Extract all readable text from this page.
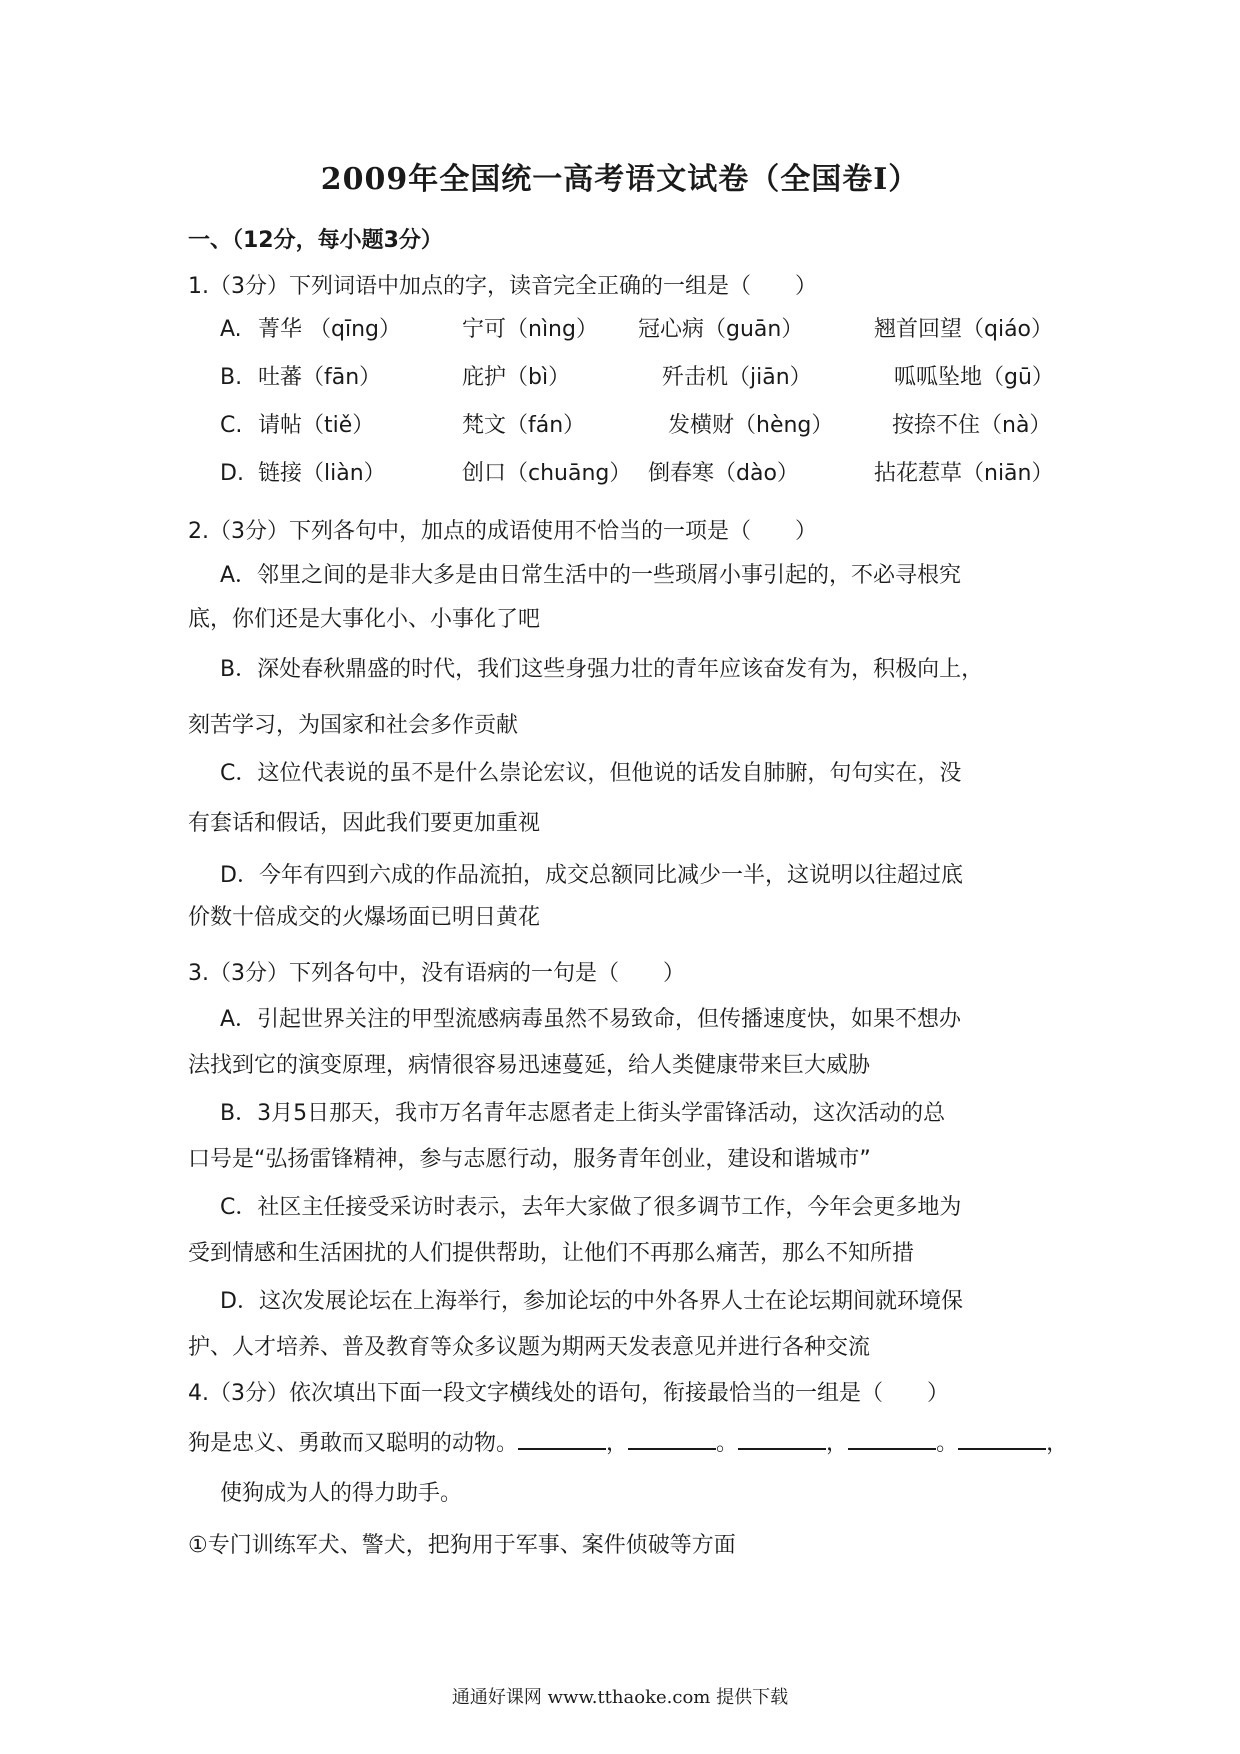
2009年全国统一高考语文试卷（全国卷Ⅰ）
一、（12分，每小题3分）
1.（3分）下列词语中加点的字，读音完全正确的一组是（　　）
A. 菁华 （qīng）	宁可（nìng） 冠心病（guān）	翘首回望（qiáo）
B. 吐蕃（fān）	庇护（bì）	歼击机（jiān）	呱呱坠地（gū）
C. 请帖（tiě）	梵文（fán）	发横财（hèng）	按捺不住（nà）
D. 链接（liàn）	创口（chuāng） 倒春寒（dào）	拈花惹草（niān）
2.（3分）下列各句中，加点的成语使用不恰当的一项是（　　）
A．邻里之间的是非大多是由日常生活中的一些琐屑小事引起的，不必寻根究
底，你们还是大事化小、小事化了吧
B．深处春秋鼎盛的时代，我们这些身强力壮的青年应该奋发有为，积极向上，
刻苦学习，为国家和社会多作贡献
C．这位代表说的虽不是什么崇论宏议，但他说的话发自肺腑，句句实在，没
有套话和假话，因此我们要更加重视
D．今年有四到六成的作品流拍，成交总额同比减少一半，这说明以往超过底
价数十倍成交的火爆场面已明日黄花
3.（3分）下列各句中，没有语病的一句是（　　）
A．引起世界关注的甲型流感病毒虽然不易致命，但传播速度快，如果不想办
法找到它的演变原理，病情很容易迅速蔓延，给人类健康带来巨大威胁
B．3月5日那天，我市万名青年志愿者走上街头学雷锋活动，这次活动的总
口号是“弘扬雷锋精神，参与志愿行动，服务青年创业，建设和谐城市”
C．社区主任接受采访时表示，去年大家做了很多调节工作，今年会更多地为
受到情感和生活困扰的人们提供帮助，让他们不再那么痛苦，那么不知所措
D．这次发展论坛在上海举行，参加论坛的中外各界人士在论坛期间就环境保
护、人才培养、普及教育等众多议题为期两天发表意见并进行各种交流
4.（3分）依次填出下面一段文字横线处的语句，衔接最恰当的一组是（　　）
狗是忠义、勇敢而又聪明的动物。	，	。	，	。	，
使狗成为人的得力助手。
①专门训练军犬、警犬，把狗用于军事、案件侦破等方面
通通好课网 www.tthaoke.com 提供下载
